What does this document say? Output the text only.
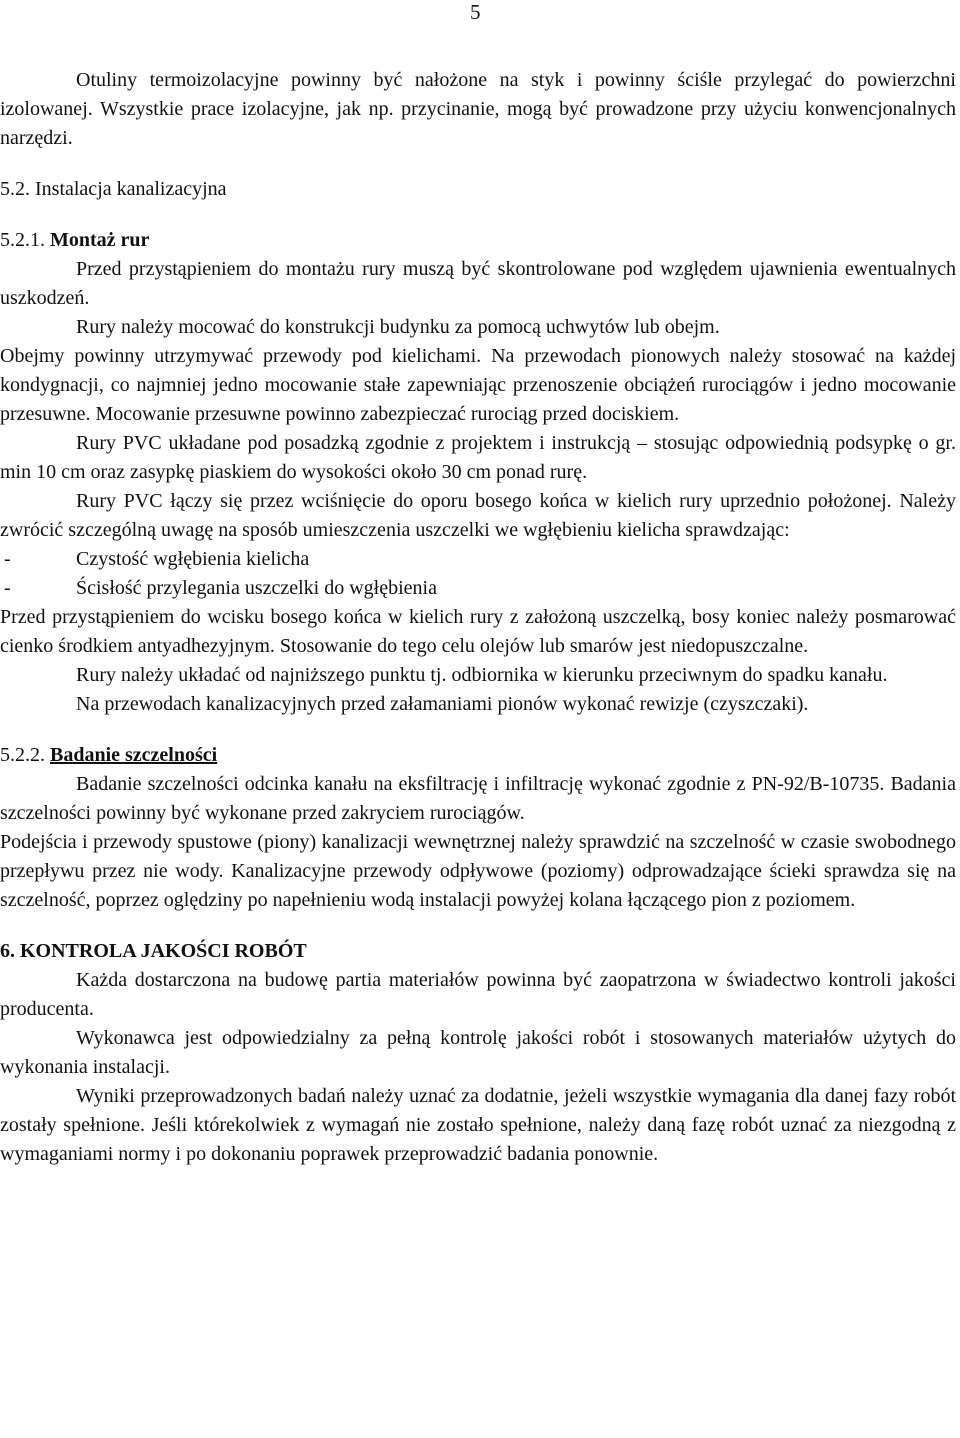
5

Otuliny termoizolacyjne powinny być nałożone na styk i powinny ściśle przylegać do powierzchni izolowanej. Wszystkie prace izolacyjne, jak np. przycinanie, mogą być prowadzone przy użyciu konwencjonalnych narzędzi.

5.2. Instalacja kanalizacyjna

5.2.1. Montaż rur

Przed przystąpieniem do montażu rury muszą być skontrolowane pod względem ujawnienia ewentualnych uszkodzeń.

Rury należy mocować do konstrukcji budynku za pomocą uchwytów lub obejm.

Obejmy powinny utrzymywać przewody pod kielichami. Na przewodach pionowych należy stosować na każdej kondygnacji, co najmniej jedno mocowanie stałe zapewniając przenoszenie obciążeń rurociągów i jedno mocowanie przesuwne. Mocowanie przesuwne powinno zabezpieczać rurociąg przed dociskiem.

Rury PVC układane pod posadzką zgodnie z projektem i instrukcją – stosując odpowiednią podsypkę o gr. min 10 cm oraz zasypkę piaskiem do wysokości około 30 cm ponad rurę.

Rury PVC łączy się przez wciśnięcie do oporu bosego końca w kielich rury uprzednio położonej. Należy zwrócić szczególną uwagę na sposób umieszczenia uszczelki we wgłębieniu kielicha sprawdzając:

-	Czystość wgłębienia kielicha
-	Ścisłość przylegania uszczelki do wgłębienia

Przed przystąpieniem do wcisku bosego końca w kielich rury z założoną uszczelką, bosy koniec należy posmarować cienko środkiem antyadhezyjnym. Stosowanie do tego celu olejów lub smarów jest niedopuszczalne.

Rury należy układać od najniższego punktu tj. odbiornika w kierunku przeciwnym do spadku kanału.

Na przewodach kanalizacyjnych przed załamaniami pionów wykonać rewizje (czyszczaki).

5.2.2. Badanie szczelności

Badanie szczelności odcinka kanału na eksfiltrację i infiltrację wykonać zgodnie z PN-92/B-10735. Badania szczelności powinny być wykonane przed zakryciem rurociągów.

Podejścia i przewody spustowe (piony) kanalizacji wewnętrznej należy sprawdzić na szczelność w czasie swobodnego przepływu przez nie wody. Kanalizacyjne przewody odpływowe (poziomy) odprowadzające ścieki sprawdza się na szczelność, poprzez oględziny po napełnieniu wodą instalacji powyżej kolana łączącego pion z poziomem.

6. KONTROLA JAKOŚCI ROBÓT

Każda dostarczona na budowę partia materiałów powinna być zaopatrzona w świadectwo kontroli jakości producenta.

Wykonawca jest odpowiedzialny za pełną kontrolę jakości robót i stosowanych materiałów użytych do wykonania instalacji.

Wyniki przeprowadzonych badań należy uznać za dodatnie, jeżeli wszystkie wymagania dla danej fazy robót zostały spełnione. Jeśli którekolwiek z wymagań nie zostało spełnione, należy daną fazę robót uznać za niezgodną z wymaganiami normy i po dokonaniu poprawek przeprowadzić badania ponownie.
